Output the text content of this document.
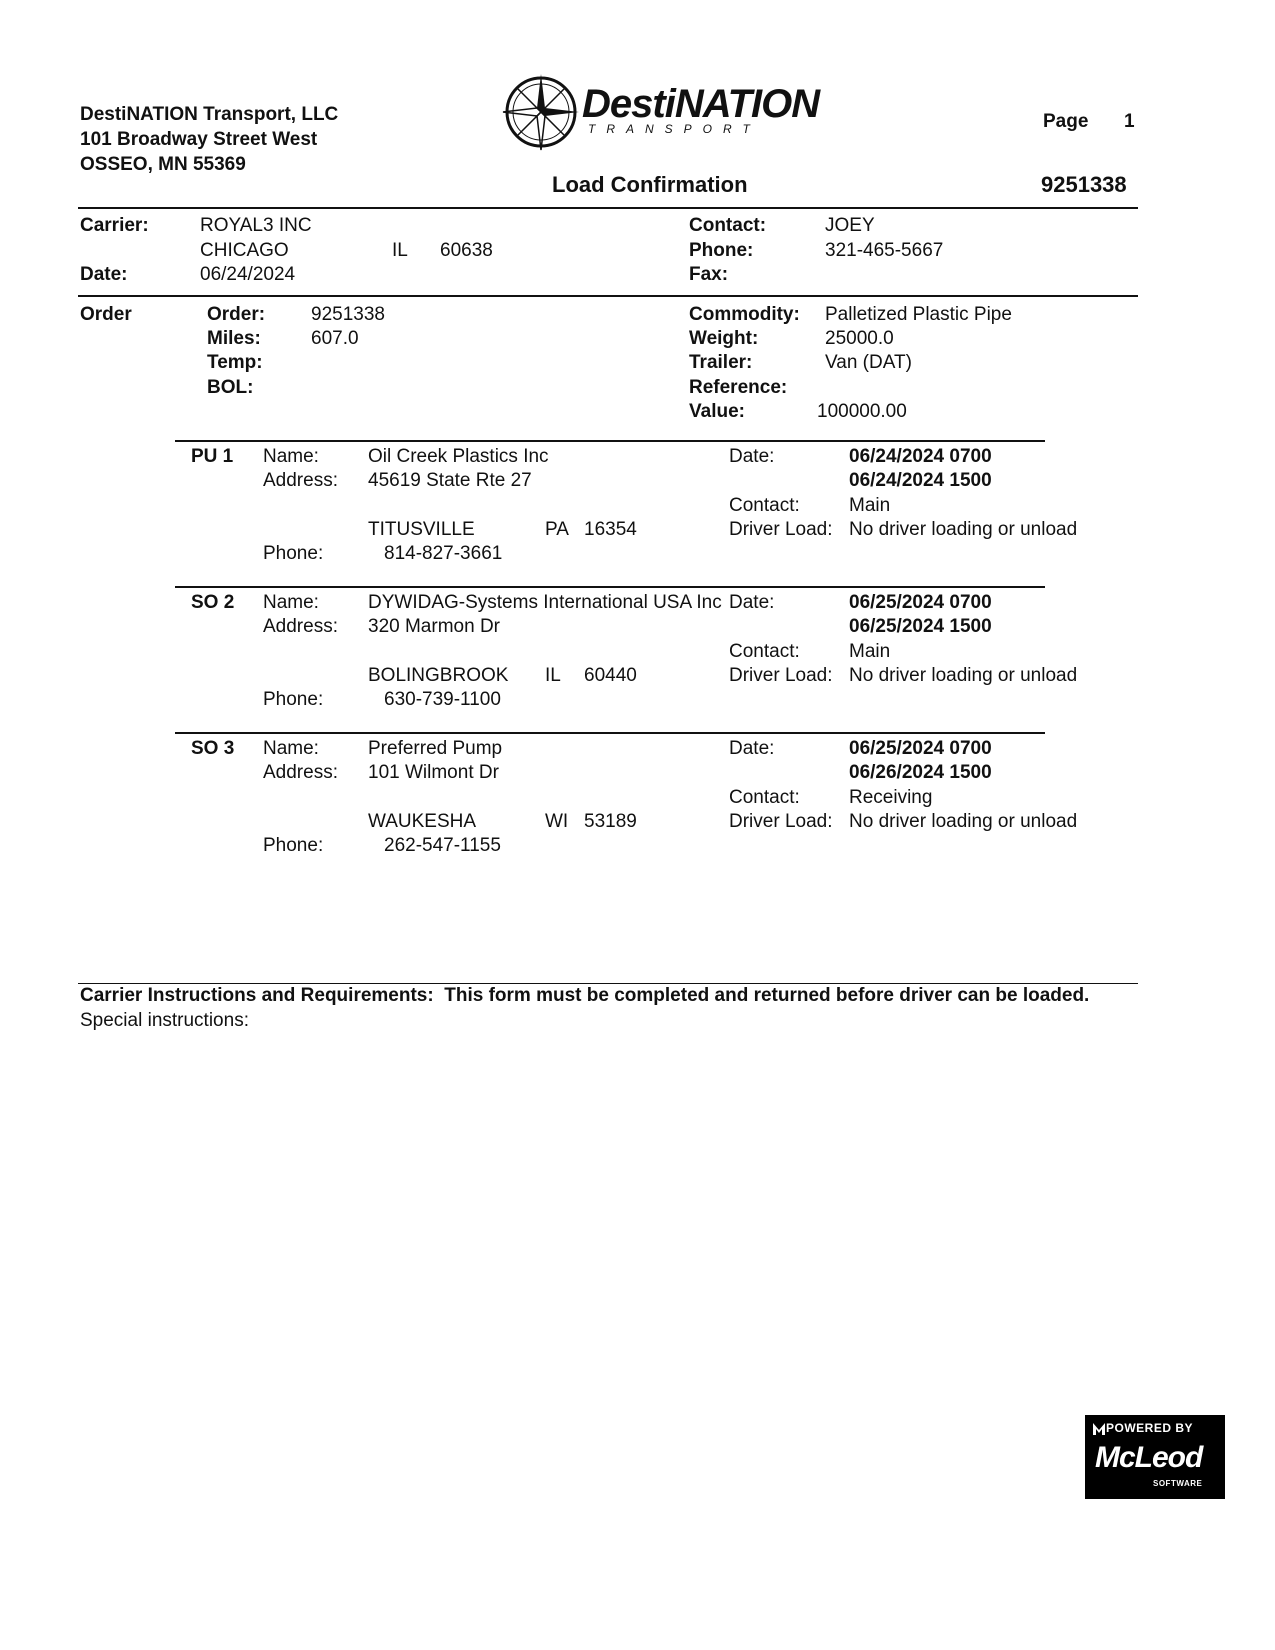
DestiNATION Transport, LLC
101 Broadway Street West
OSSEO, MN 55369
DestiNATION
TRANSPORT	Page 1
Load Confirmation	9251338
Carrier:	ROYAL3 INC
CHICAGO	IL 60638
Date:	06/24/2024
Contact:	JOEY
Phone:	321-465-5667
Fax:
Order	Order: 9251338
Miles:	607.0
Temp:
BOL:
Commodity: Palletized Plastic Pipe
Weight:	25000.0
Trailer:	Van (DAT)
Reference:
Value:	100000.00
PU 1 Name:	Oil Creek Plastics Inc
Address: 45619 State Rte 27
TITUSVILLE	PA 16354
Phone:	814-827-3661
Date:	06/24/2024 0700
06/24/2024 1500
Contact:	Main
Driver Load: No driver loading or unload
SO 2 Name:	DYWIDAG-Systems International USA Inc
Address: 320 Marmon Dr
BOLINGBROOK IL 60440
Phone:	630-739-1100
Date:	06/25/2024 0700
06/25/2024 1500
Contact:	Main
Driver Load: No driver loading or unload
SO 3 Name:	Preferred Pump
Address: 101 Wilmont Dr
WAUKESHA	WI 53189
Phone:	262-547-1155
Date:	06/25/2024 0700
06/26/2024 1500
Contact:	Receiving
Driver Load: No driver loading or unload
Carrier Instructions and Requirements: This form must be completed and returned before driver can be loaded.
Special instructions:
POWERED BY
McLeod
SOFTWARE
